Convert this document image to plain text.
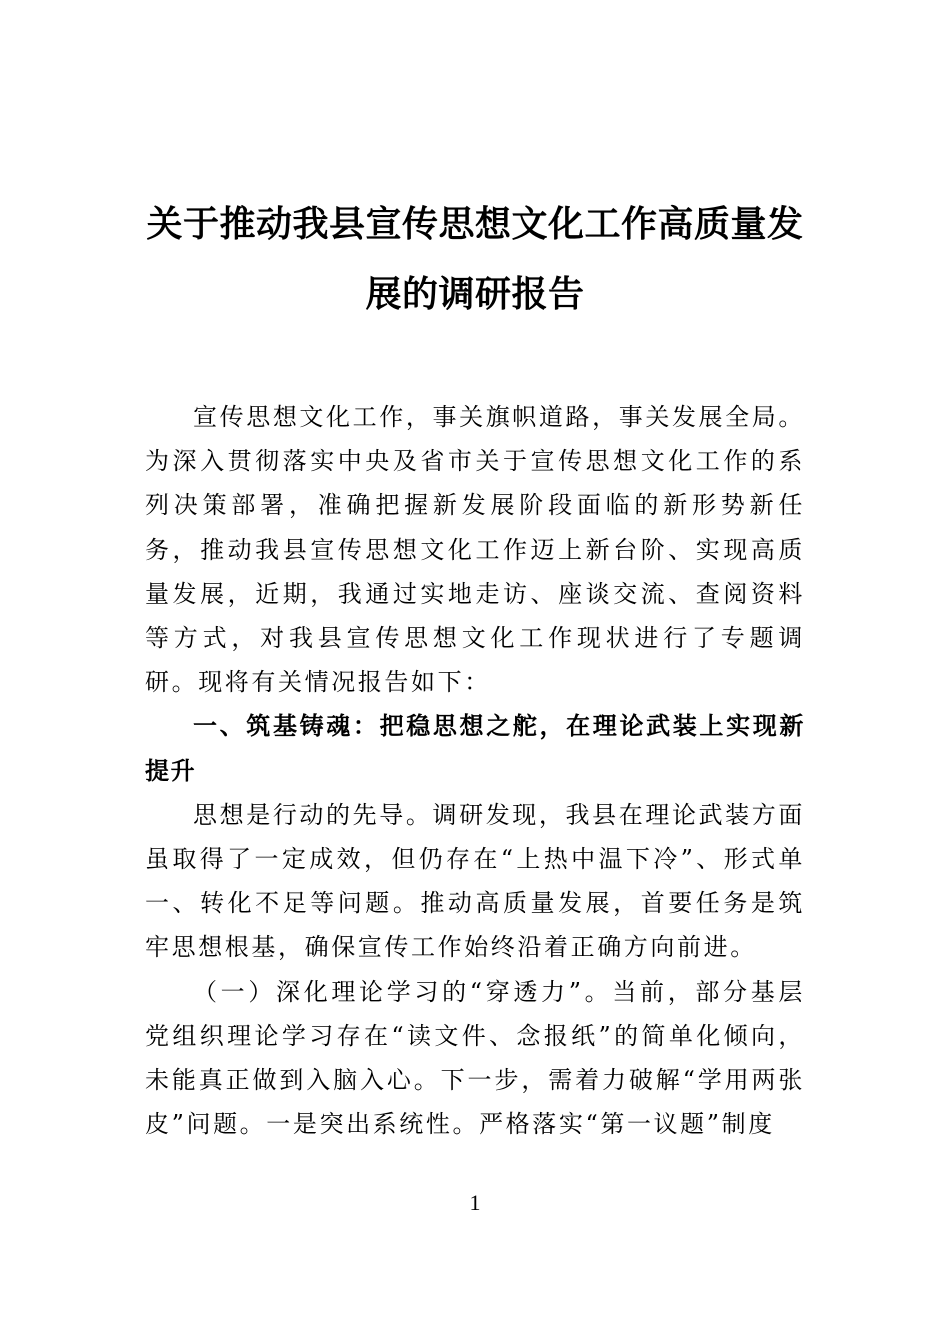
关于推动我县宣传思想文化工作高质量发
展的调研报告

宣传思想文化工作，事关旗帜道路，事关发展全局。为深入贯彻落实中央及省市关于宣传思想文化工作的系列决策部署，准确把握新发展阶段面临的新形势新任务，推动我县宣传思想文化工作迈上新台阶、实现高质量发展，近期，我通过实地走访、座谈交流、查阅资料等方式，对我县宣传思想文化工作现状进行了专题调研。现将有关情况报告如下：

一、筑基铸魂：把稳思想之舵，在理论武装上实现新提升

思想是行动的先导。调研发现，我县在理论武装方面虽取得了一定成效，但仍存在“上热中温下冷”、形式单一、转化不足等问题。推动高质量发展，首要任务是筑牢思想根基，确保宣传工作始终沿着正确方向前进。

（一）深化理论学习的“穿透力”。当前，部分基层党组织理论学习存在“读文件、念报纸”的简单化倾向，未能真正做到入脑入心。下一步，需着力破解“学用两张皮”问题。一是突出系统性。严格落实“第一议题”制度

1
